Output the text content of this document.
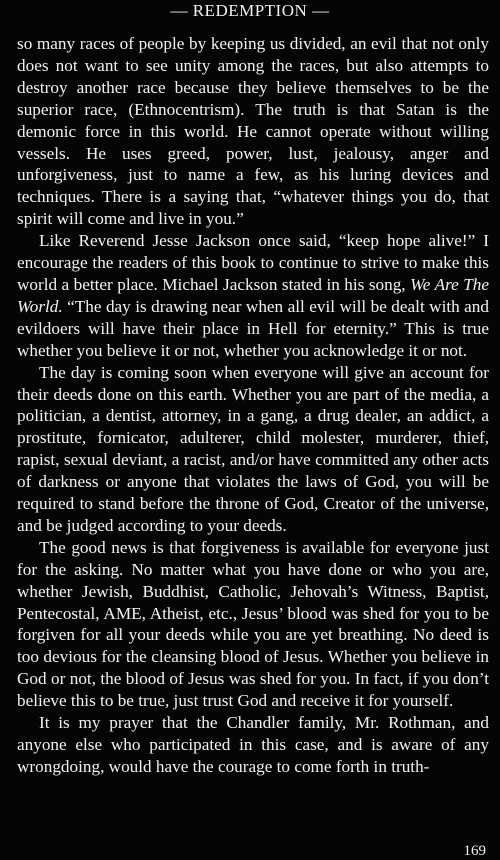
— REDEMPTION —

so many races of people by keeping us divided, an evil that not only does not want to see unity among the races, but also attempts to destroy another race because they believe themselves to be the superior race, (Ethnocentrism). The truth is that Satan is the demonic force in this world. He cannot operate without willing vessels. He uses greed, power, lust, jealousy, anger and unforgiveness, just to name a few, as his luring devices and techniques. There is a saying that, “whatever things you do, that spirit will come and live in you.”

Like Reverend Jesse Jackson once said, “keep hope alive!” I encourage the readers of this book to continue to strive to make this world a better place. Michael Jackson stated in his song, We Are The World. “The day is drawing near when all evil will be dealt with and evildoers will have their place in Hell for eternity.” This is true whether you believe it or not, whether you acknowledge it or not.

The day is coming soon when everyone will give an account for their deeds done on this earth. Whether you are part of the media, a politician, a dentist, attorney, in a gang, a drug dealer, an addict, a prostitute, fornicator, adulterer, child molester, murderer, thief, rapist, sexual deviant, a racist, and/or have committed any other acts of darkness or anyone that violates the laws of God, you will be required to stand before the throne of God, Creator of the universe, and be judged according to your deeds.

The good news is that forgiveness is available for everyone just for the asking. No matter what you have done or who you are, whether Jewish, Buddhist, Catholic, Jehovah’s Witness, Baptist, Pentecostal, AME, Atheist, etc., Jesus’ blood was shed for you to be forgiven for all your deeds while you are yet breathing. No deed is too devious for the cleansing blood of Jesus. Whether you believe in God or not, the blood of Jesus was shed for you. In fact, if you don’t believe this to be true, just trust God and receive it for yourself.

It is my prayer that the Chandler family, Mr. Rothman, and anyone else who participated in this case, and is aware of any wrongdoing, would have the courage to come forth in truth-

169
